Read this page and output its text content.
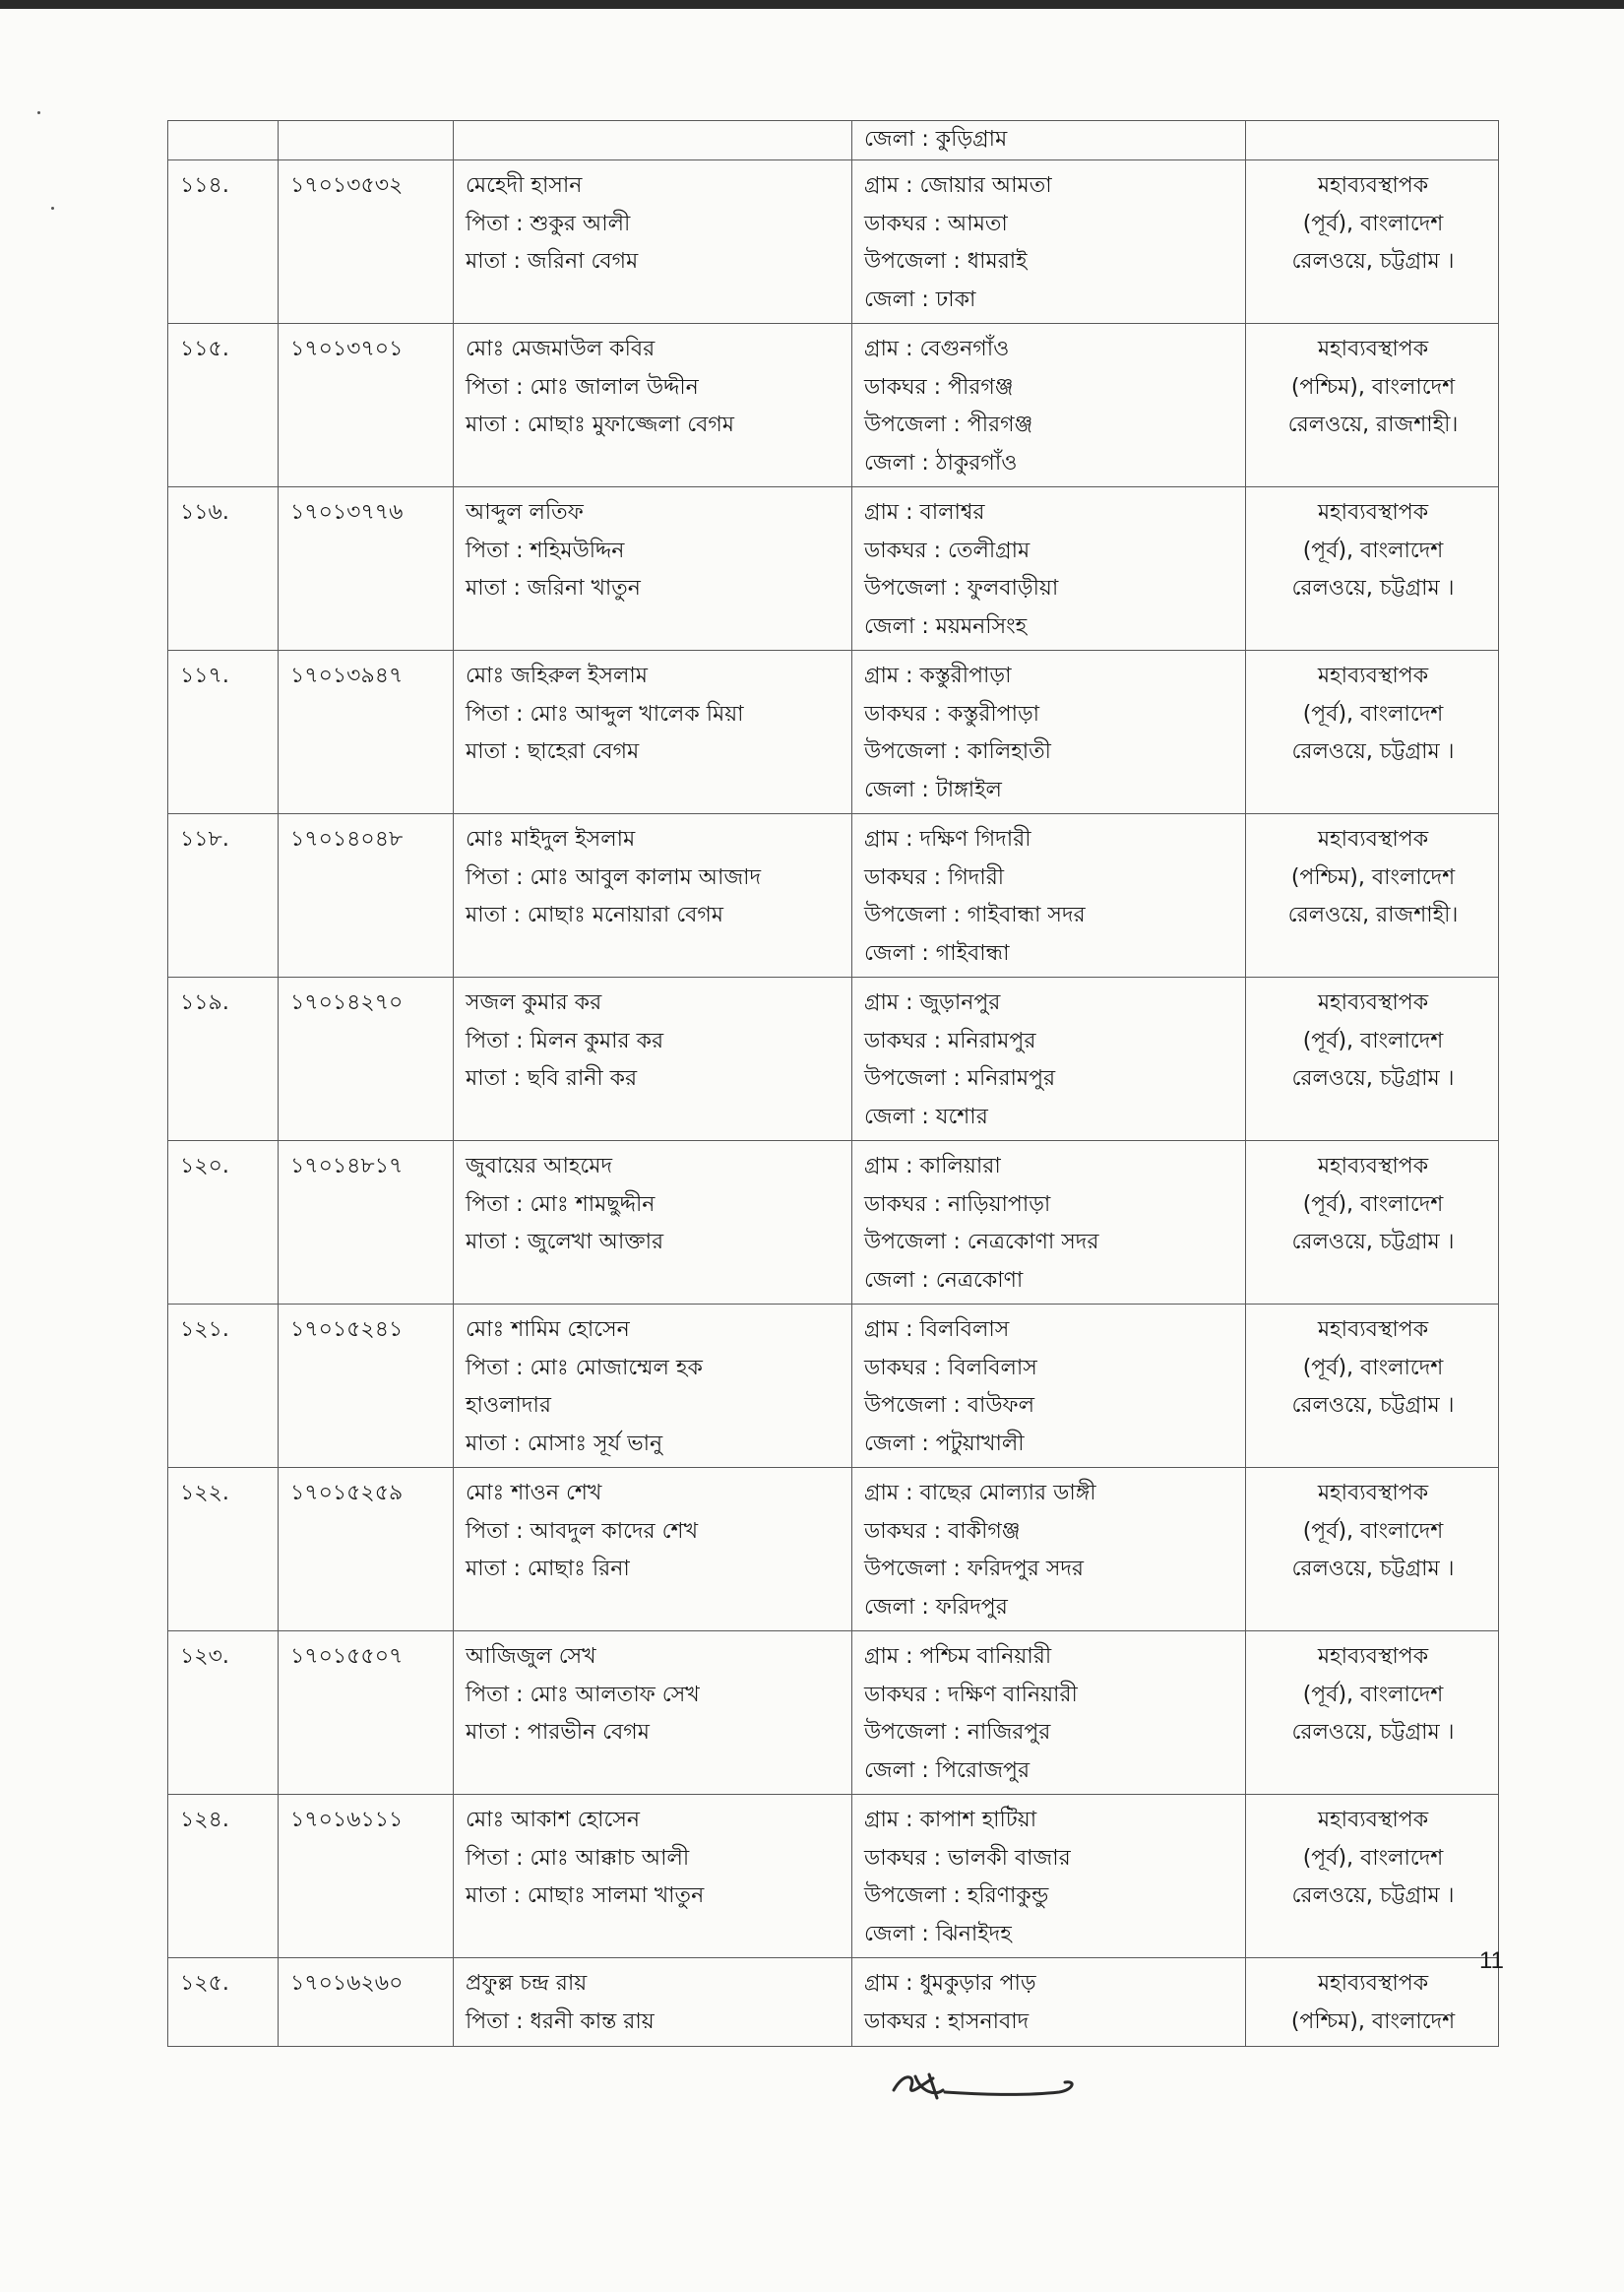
			জেলা : কুড়িগ্রাম	

১১৪.	১৭০১৩৫৩২	মেহেদী হাসান
পিতা : শুকুর আলী
মাতা : জরিনা বেগম	গ্রাম : জোয়ার আমতা
ডাকঘর : আমতা
উপজেলা : ধামরাই
জেলা : ঢাকা	মহাব্যবস্থাপক
(পূর্ব), বাংলাদেশ
রেলওয়ে, চট্টগ্রাম ।

১১৫.	১৭০১৩৭০১	মোঃ মেজমাউল কবির
পিতা : মোঃ জালাল উদ্দীন
মাতা : মোছাঃ মুফাজ্জেলা বেগম	গ্রাম : বেগুনগাঁও
ডাকঘর : পীরগঞ্জ
উপজেলা : পীরগঞ্জ
জেলা : ঠাকুরগাঁও	মহাব্যবস্থাপক
(পশ্চিম), বাংলাদেশ
রেলওয়ে, রাজশাহী।

১১৬.	১৭০১৩৭৭৬	আব্দুল লতিফ
পিতা : শহিমউদ্দিন
মাতা : জরিনা খাতুন	গ্রাম : বালাশ্বর
ডাকঘর : তেলীগ্রাম
উপজেলা : ফুলবাড়ীয়া
জেলা : ময়মনসিংহ	মহাব্যবস্থাপক
(পূর্ব), বাংলাদেশ
রেলওয়ে, চট্টগ্রাম ।

১১৭.	১৭০১৩৯৪৭	মোঃ জহিরুল ইসলাম
পিতা : মোঃ আব্দুল খালেক মিয়া
মাতা : ছাহেরা বেগম	গ্রাম : কস্তুরীপাড়া
ডাকঘর : কস্তুরীপাড়া
উপজেলা : কালিহাতী
জেলা : টাঙ্গাইল	মহাব্যবস্থাপক
(পূর্ব), বাংলাদেশ
রেলওয়ে, চট্টগ্রাম ।

১১৮.	১৭০১৪০৪৮	মোঃ মাইদুল ইসলাম
পিতা : মোঃ আবুল কালাম আজাদ
মাতা : মোছাঃ মনোয়ারা বেগম	গ্রাম : দক্ষিণ গিদারী
ডাকঘর : গিদারী
উপজেলা : গাইবান্ধা সদর
জেলা : গাইবান্ধা	মহাব্যবস্থাপক
(পশ্চিম), বাংলাদেশ
রেলওয়ে, রাজশাহী।

১১৯.	১৭০১৪২৭০	সজল কুমার কর
পিতা : মিলন কুমার কর
মাতা : ছবি রানী কর	গ্রাম : জুড়ানপুর
ডাকঘর : মনিরামপুর
উপজেলা : মনিরামপুর
জেলা : যশোর	মহাব্যবস্থাপক
(পূর্ব), বাংলাদেশ
রেলওয়ে, চট্টগ্রাম ।

১২০.	১৭০১৪৮১৭	জুবায়ের আহমেদ
পিতা : মোঃ শামছুদ্দীন
মাতা : জুলেখা আক্তার	গ্রাম : কালিয়ারা
ডাকঘর : নাড়িয়াপাড়া
উপজেলা : নেত্রকোণা সদর
জেলা : নেত্রকোণা	মহাব্যবস্থাপক
(পূর্ব), বাংলাদেশ
রেলওয়ে, চট্টগ্রাম ।

১২১.	১৭০১৫২৪১	মোঃ শামিম হোসেন
পিতা : মোঃ মোজাম্মেল হক
হাওলাদার
মাতা : মোসাঃ সূর্য ভানু	গ্রাম : বিলবিলাস
ডাকঘর : বিলবিলাস
উপজেলা : বাউফল
জেলা : পটুয়াখালী	মহাব্যবস্থাপক
(পূর্ব), বাংলাদেশ
রেলওয়ে, চট্টগ্রাম ।

১২২.	১৭০১৫২৫৯	মোঃ শাওন শেখ
পিতা : আবদুল কাদের শেখ
মাতা : মোছাঃ রিনা	গ্রাম : বাছের মোল্যার ডাঙ্গী
ডাকঘর : বাকীগঞ্জ
উপজেলা : ফরিদপুর সদর
জেলা : ফরিদপুর	মহাব্যবস্থাপক
(পূর্ব), বাংলাদেশ
রেলওয়ে, চট্টগ্রাম ।

১২৩.	১৭০১৫৫০৭	আজিজুল সেখ
পিতা : মোঃ আলতাফ সেখ
মাতা : পারভীন বেগম	গ্রাম : পশ্চিম বানিয়ারী
ডাকঘর : দক্ষিণ বানিয়ারী
উপজেলা : নাজিরপুর
জেলা : পিরোজপুর	মহাব্যবস্থাপক
(পূর্ব), বাংলাদেশ
রেলওয়ে, চট্টগ্রাম ।

১২৪.	১৭০১৬১১১	মোঃ আকাশ হোসেন
পিতা : মোঃ আক্কাচ আলী
মাতা : মোছাঃ সালমা খাতুন	গ্রাম : কাপাশ হাটিয়া
ডাকঘর : ভালকী বাজার
উপজেলা : হরিণাকুন্ডু
জেলা : ঝিনাইদহ	মহাব্যবস্থাপক
(পূর্ব), বাংলাদেশ
রেলওয়ে, চট্টগ্রাম ।

১২৫.	১৭০১৬২৬০	প্রফুল্ল চন্দ্র রায়
পিতা : ধরনী কান্ত রায়	গ্রাম : ধুমকুড়ার পাড়
ডাকঘর : হাসনাবাদ	মহাব্যবস্থাপক
(পশ্চিম), বাংলাদেশ
11
